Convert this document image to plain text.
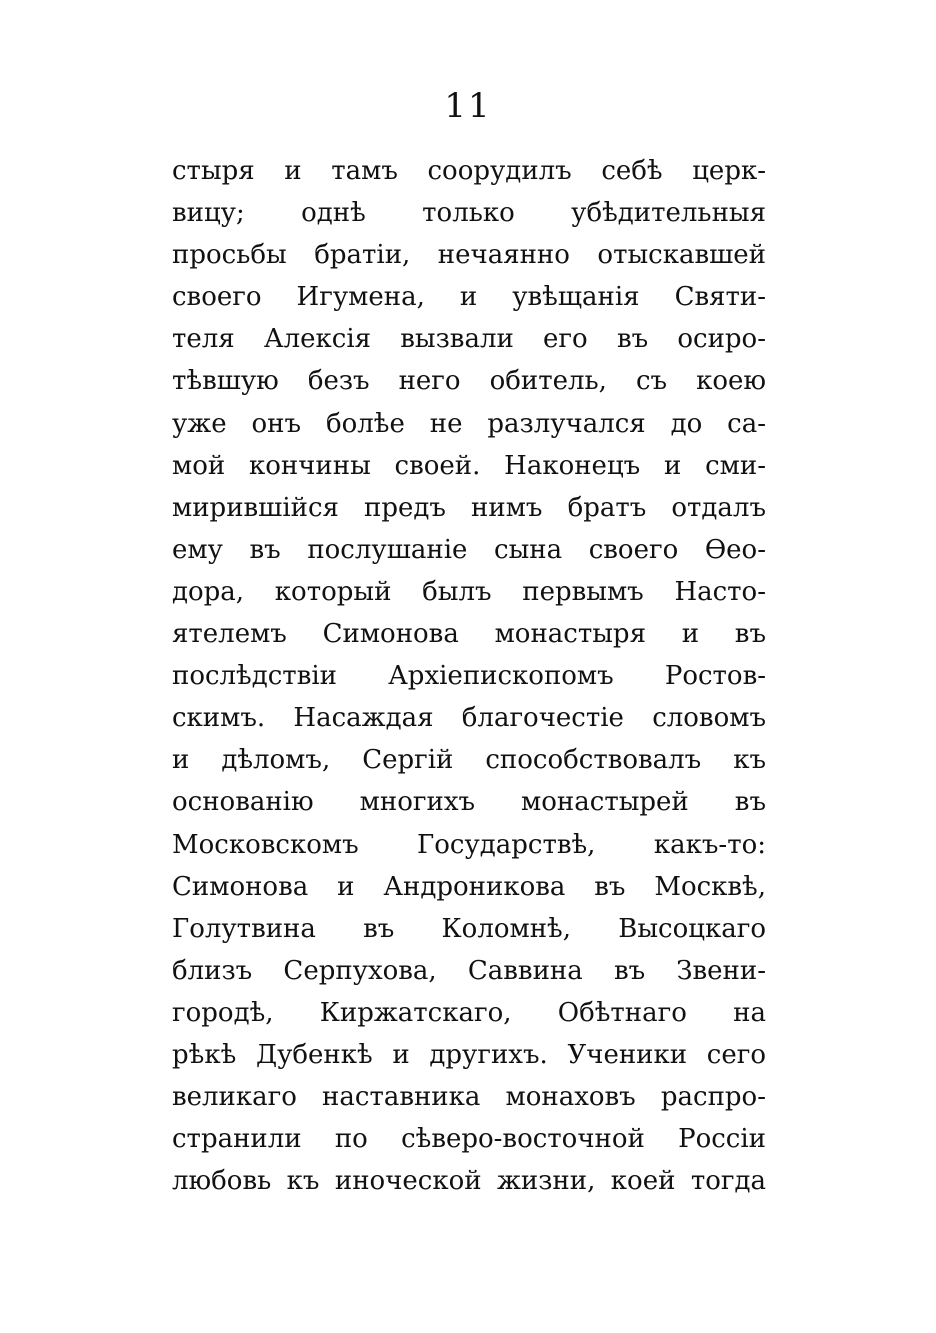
11
стыря и тамъ соорудилъ себѣ церк-
вицу; однѣ только убѣдительныя
просьбы братіи, нечаянно отыскавшей
своего Игумена, и увѣщанія Святи-
теля Алексія вызвали его въ осиро-
тѣвшую безъ него обитель, съ коею
уже онъ болѣе не разлучался до са-
мой кончины своей. Наконецъ и сми-
мирившійся предъ нимъ братъ отдалъ
ему въ послушаніе сына своего Ѳео-
дора, который былъ первымъ Насто-
ятелемъ Симонова монастыря и въ
послѣдствіи Архіепископомъ Ростов-
скимъ. Насаждая благочестіе словомъ
и дѣломъ, Сергій способствовалъ къ
основанію многихъ монастырей въ
Московскомъ Государствѣ, какъ-то:
Симонова и Андроникова въ Москвѣ,
Голутвина въ Коломнѣ, Высоцкаго
близъ Серпухова, Саввина въ Звени-
городѣ, Киржатскаго, Обѣтнаго на
рѣкѣ Дубенкѣ и другихъ. Ученики сего
великаго наставника монаховъ распро-
странили по сѣверо-восточной Россіи
любовь къ иноческой жизни, коей тогда
